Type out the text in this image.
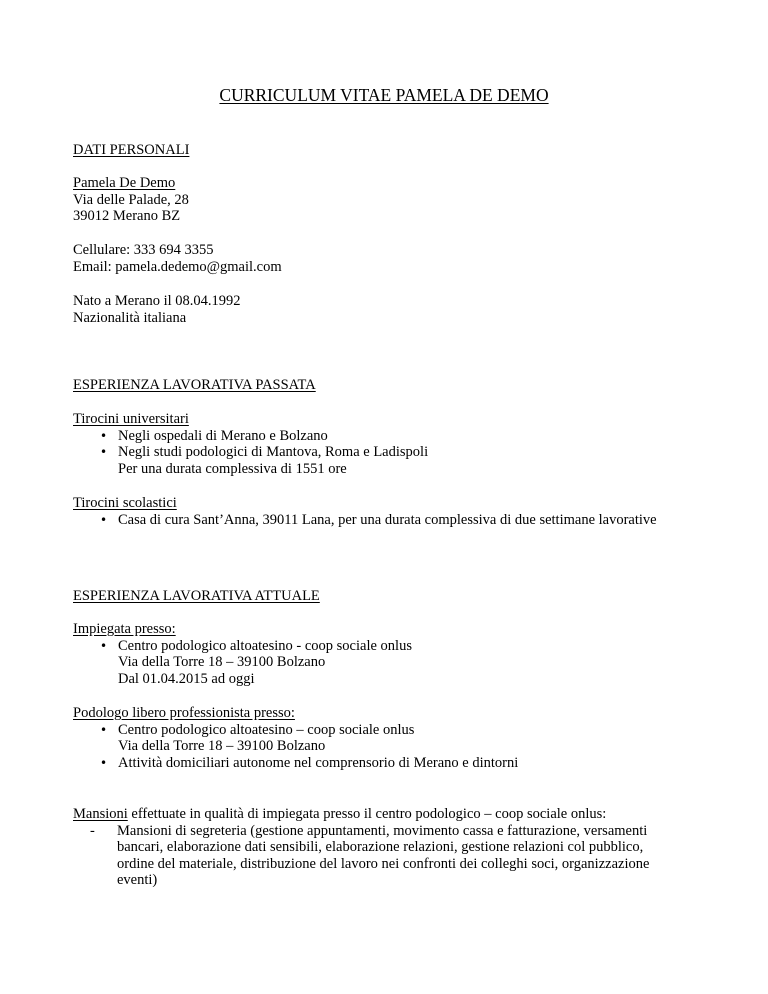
CURRICULUM VITAE PAMELA DE DEMO
DATI PERSONALI
Pamela De Demo
Via delle Palade, 28
39012 Merano BZ
Cellulare: 333 694 3355
Email: pamela.dedemo@gmail.com
Nato a Merano il 08.04.1992
Nazionalità italiana
ESPERIENZA LAVORATIVA PASSATA
Tirocini universitari
• Negli ospedali di Merano e Bolzano
• Negli studi podologici di Mantova, Roma e Ladispoli
Per una durata complessiva di 1551 ore
Tirocini scolastici
• Casa di cura Sant’Anna, 39011 Lana, per una durata complessiva di due settimane lavorative
ESPERIENZA LAVORATIVA ATTUALE
Impiegata presso:
• Centro podologico altoatesino - coop sociale onlus
Via della Torre 18 – 39100 Bolzano
Dal 01.04.2015 ad oggi
Podologo libero professionista presso:
• Centro podologico altoatesino – coop sociale onlus
Via della Torre 18 – 39100 Bolzano
• Attività domiciliari autonome nel comprensorio di Merano e dintorni
Mansioni effettuate in qualità di impiegata presso il centro podologico – coop sociale onlus:
- Mansioni di segreteria (gestione appuntamenti, movimento cassa e fatturazione, versamenti
bancari, elaborazione dati sensibili, elaborazione relazioni, gestione relazioni col pubblico,
ordine del materiale, distribuzione del lavoro nei confronti dei colleghi soci, organizzazione
eventi)
